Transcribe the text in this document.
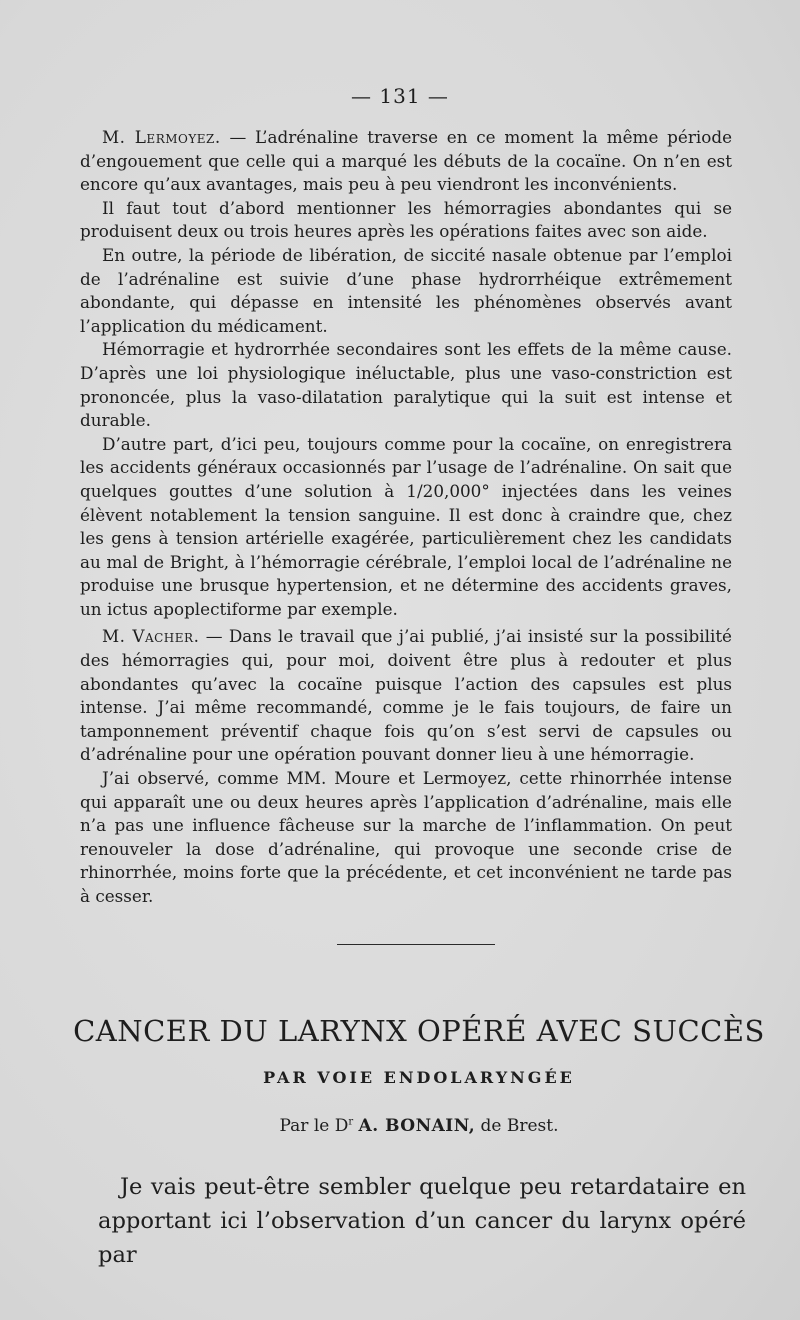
— 131 —

M. Lermoyez. — L’adrénaline traverse en ce moment la même période d’engouement que celle qui a marqué les débuts de la cocaïne. On n’en est encore qu’aux avantages, mais peu à peu viendront les inconvénients.

Il faut tout d’abord mentionner les hémorragies abondantes qui se produisent deux ou trois heures après les opérations faites avec son aide.

En outre, la période de libération, de siccité nasale obtenue par l’emploi de l’adrénaline est suivie d’une phase hydrorrhéique extrêmement abondante, qui dépasse en intensité les phénomènes observés avant l’application du médicament.

Hémorragie et hydrorrhée secondaires sont les effets de la même cause. D’après une loi physiologique inéluctable, plus une vaso-constriction est prononcée, plus la vaso-dilatation paralytique qui la suit est intense et durable.

D’autre part, d’ici peu, toujours comme pour la cocaïne, on enregistrera les accidents généraux occasionnés par l’usage de l’adrénaline. On sait que quelques gouttes d’une solution à 1/20,000° injectées dans les veines élèvent notablement la tension sanguine. Il est donc à craindre que, chez les gens à tension artérielle exagérée, particulièrement chez les candidats au mal de Bright, à l’hémorragie cérébrale, l’emploi local de l’adrénaline ne produise une brusque hypertension, et ne détermine des accidents graves, un ictus apoplectiforme par exemple.

M. Vacher. — Dans le travail que j’ai publié, j’ai insisté sur la possibilité des hémorragies qui, pour moi, doivent être plus à redouter et plus abondantes qu’avec la cocaïne puisque l’action des capsules est plus intense. J’ai même recommandé, comme je le fais toujours, de faire un tamponnement préventif chaque fois qu’on s’est servi de capsules ou d’adrénaline pour une opération pouvant donner lieu à une hémorragie.

J’ai observé, comme MM. Moure et Lermoyez, cette rhinorrhée intense qui apparaît une ou deux heures après l’application d’adrénaline, mais elle n’a pas une influence fâcheuse sur la marche de l’inflammation. On peut renouveler la dose d’adrénaline, qui provoque une seconde crise de rhinorrhée, moins forte que la précédente, et cet inconvénient ne tarde pas à cesser.

CANCER DU LARYNX OPÉRÉ AVEC SUCCÈS
PAR VOIE ENDOLARYNGÉE
Par le $D^r$ A. BONAIN, de Brest.

Je vais peut-être sembler quelque peu retardataire en apportant ici l’observation d’un cancer du larynx opéré par
